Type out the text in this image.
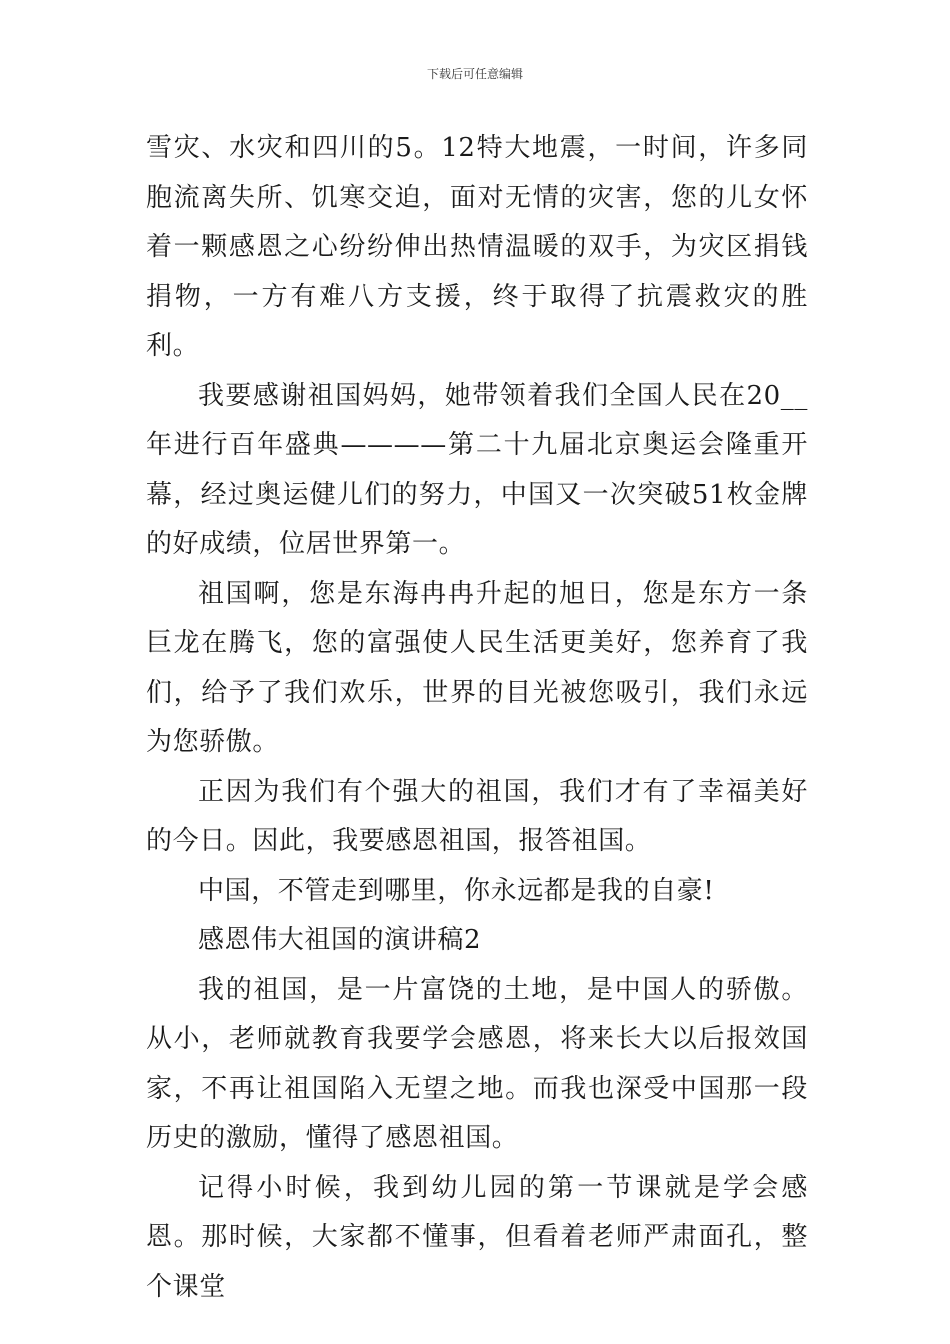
下载后可任意编辑

雪灾、水灾和四川的5。12特大地震，一时间，许多同胞流离失所、饥寒交迫，面对无情的灾害，您的儿女怀着一颗感恩之心纷纷伸出热情温暖的双手，为灾区捐钱捐物，一方有难八方支援，终于取得了抗震救灾的胜利。

我要感谢祖国妈妈，她带领着我们全国人民在20__年进行百年盛典————第二十九届北京奥运会隆重开幕，经过奥运健儿们的努力，中国又一次突破51枚金牌的好成绩，位居世界第一。

祖国啊，您是东海冉冉升起的旭日，您是东方一条巨龙在腾飞，您的富强使人民生活更美好，您养育了我们，给予了我们欢乐，世界的目光被您吸引，我们永远为您骄傲。

正因为我们有个强大的祖国，我们才有了幸福美好的今日。因此，我要感恩祖国，报答祖国。

中国，不管走到哪里，你永远都是我的自豪!

感恩伟大祖国的演讲稿2

我的祖国，是一片富饶的土地，是中国人的骄傲。从小，老师就教育我要学会感恩，将来长大以后报效国家，不再让祖国陷入无望之地。而我也深受中国那一段历史的激励，懂得了感恩祖国。

记得小时候，我到幼儿园的第一节课就是学会感恩。那时候，大家都不懂事，但看着老师严肃面孔，整个课堂
